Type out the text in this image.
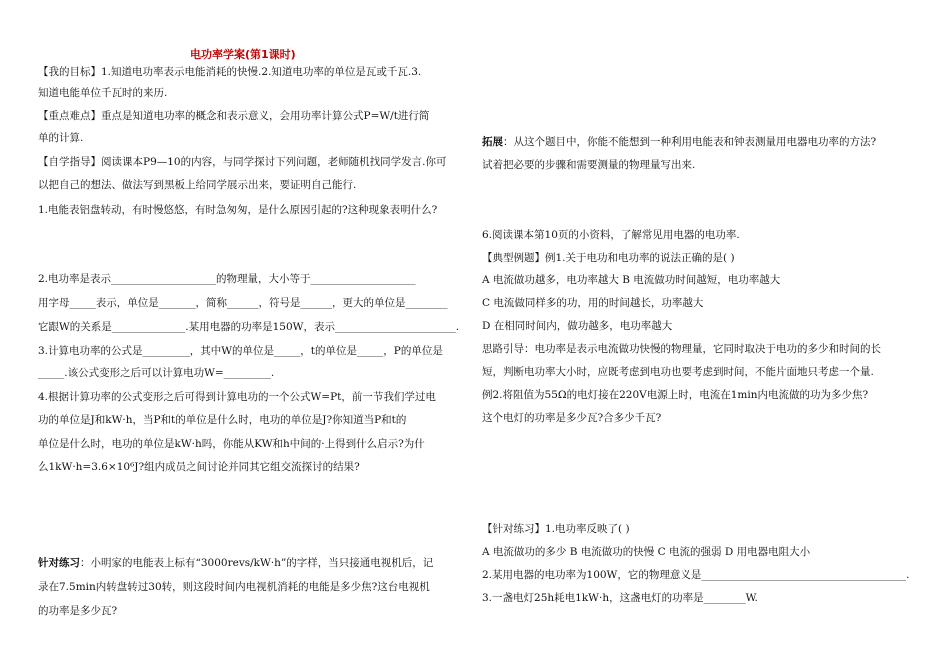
电功率学案(第1课时)
【我的目标】1.知道电功率表示电能消耗的快慢.2.知道电功率的单位是瓦或千瓦.3.
知道电能单位千瓦时的来历.
【重点难点】重点是知道电功率的概念和表示意义，会用功率计算公式P=W/t进行简
单的计算.
【自学指导】阅读课本P9—10的内容，与同学探讨下列问题，老师随机找同学发言.你可
以把自己的想法、做法写到黑板上给同学展示出来，要证明自己能行.
1.电能表铝盘转动，有时慢悠悠，有时急匆匆，是什么原因引起的?这种现象表明什么?
2.电功率是表示____________________的物理量，大小等于____________________
用字母_____表示，单位是_______，简称______，符号是______，更大的单位是________
它跟W的关系是______________.某用电器的功率是150W，表示_______________________.
3.计算电功率的公式是_________，其中W的单位是_____，t的单位是_____，P的单位是
_____.该公式变形之后可以计算电功W=_________.
4.根据计算功率的公式变形之后可得到计算电功的一个公式W=Pt，前一节我们学过电
功的单位是J和kW·h，当P和t的单位是什么时，电功的单位是J?你知道当P和t的
单位是什么时，电功的单位是kW·h吗，你能从KW和h中间的·上得到什么启示?为什
么1kW·h=3.6×10⁶J?组内成员之间讨论并同其它组交流探讨的结果?
针对练习：小明家的电能表上标有“3000revs/kW·h”的字样，当只接通电视机后，记
录在7.5min内转盘转过30转，则这段时间内电视机消耗的电能是多少焦?这台电视机
的功率是多少瓦?
拓展：从这个题目中，你能不能想到一种利用电能表和钟表测量用电器电功率的方法?
试着把必要的步骤和需要测量的物理量写出来.
6.阅读课本第10页的小资料，了解常见用电器的电功率.
【典型例题】例1.关于电功和电功率的说法正确的是( )
A 电流做功越多，电功率越大 B 电流做功时间越短，电功率越大
C 电流做同样多的功，用的时间越长，功率越大
D 在相同时间内，做功越多，电功率越大
思路引导：电功率是表示电流做功快慢的物理量，它同时取决于电功的多少和时间的长
短，判断电功率大小时，应既考虑到电功也要考虑到时间，不能片面地只考虑一个量.
例2.将阻值为55Ω的电灯接在220V电源上时，电流在1min内电流做的功为多少焦?
这个电灯的功率是多少瓦?合多少千瓦?
【针对练习】1.电功率反映了( )
A 电流做功的多少 B 电流做功的快慢 C 电流的强弱 D 用电器电阻大小
2.某用电器的电功率为100W，它的物理意义是_______________________________________.
3.一盏电灯25h耗电1kW·h，这盏电灯的功率是________W.
